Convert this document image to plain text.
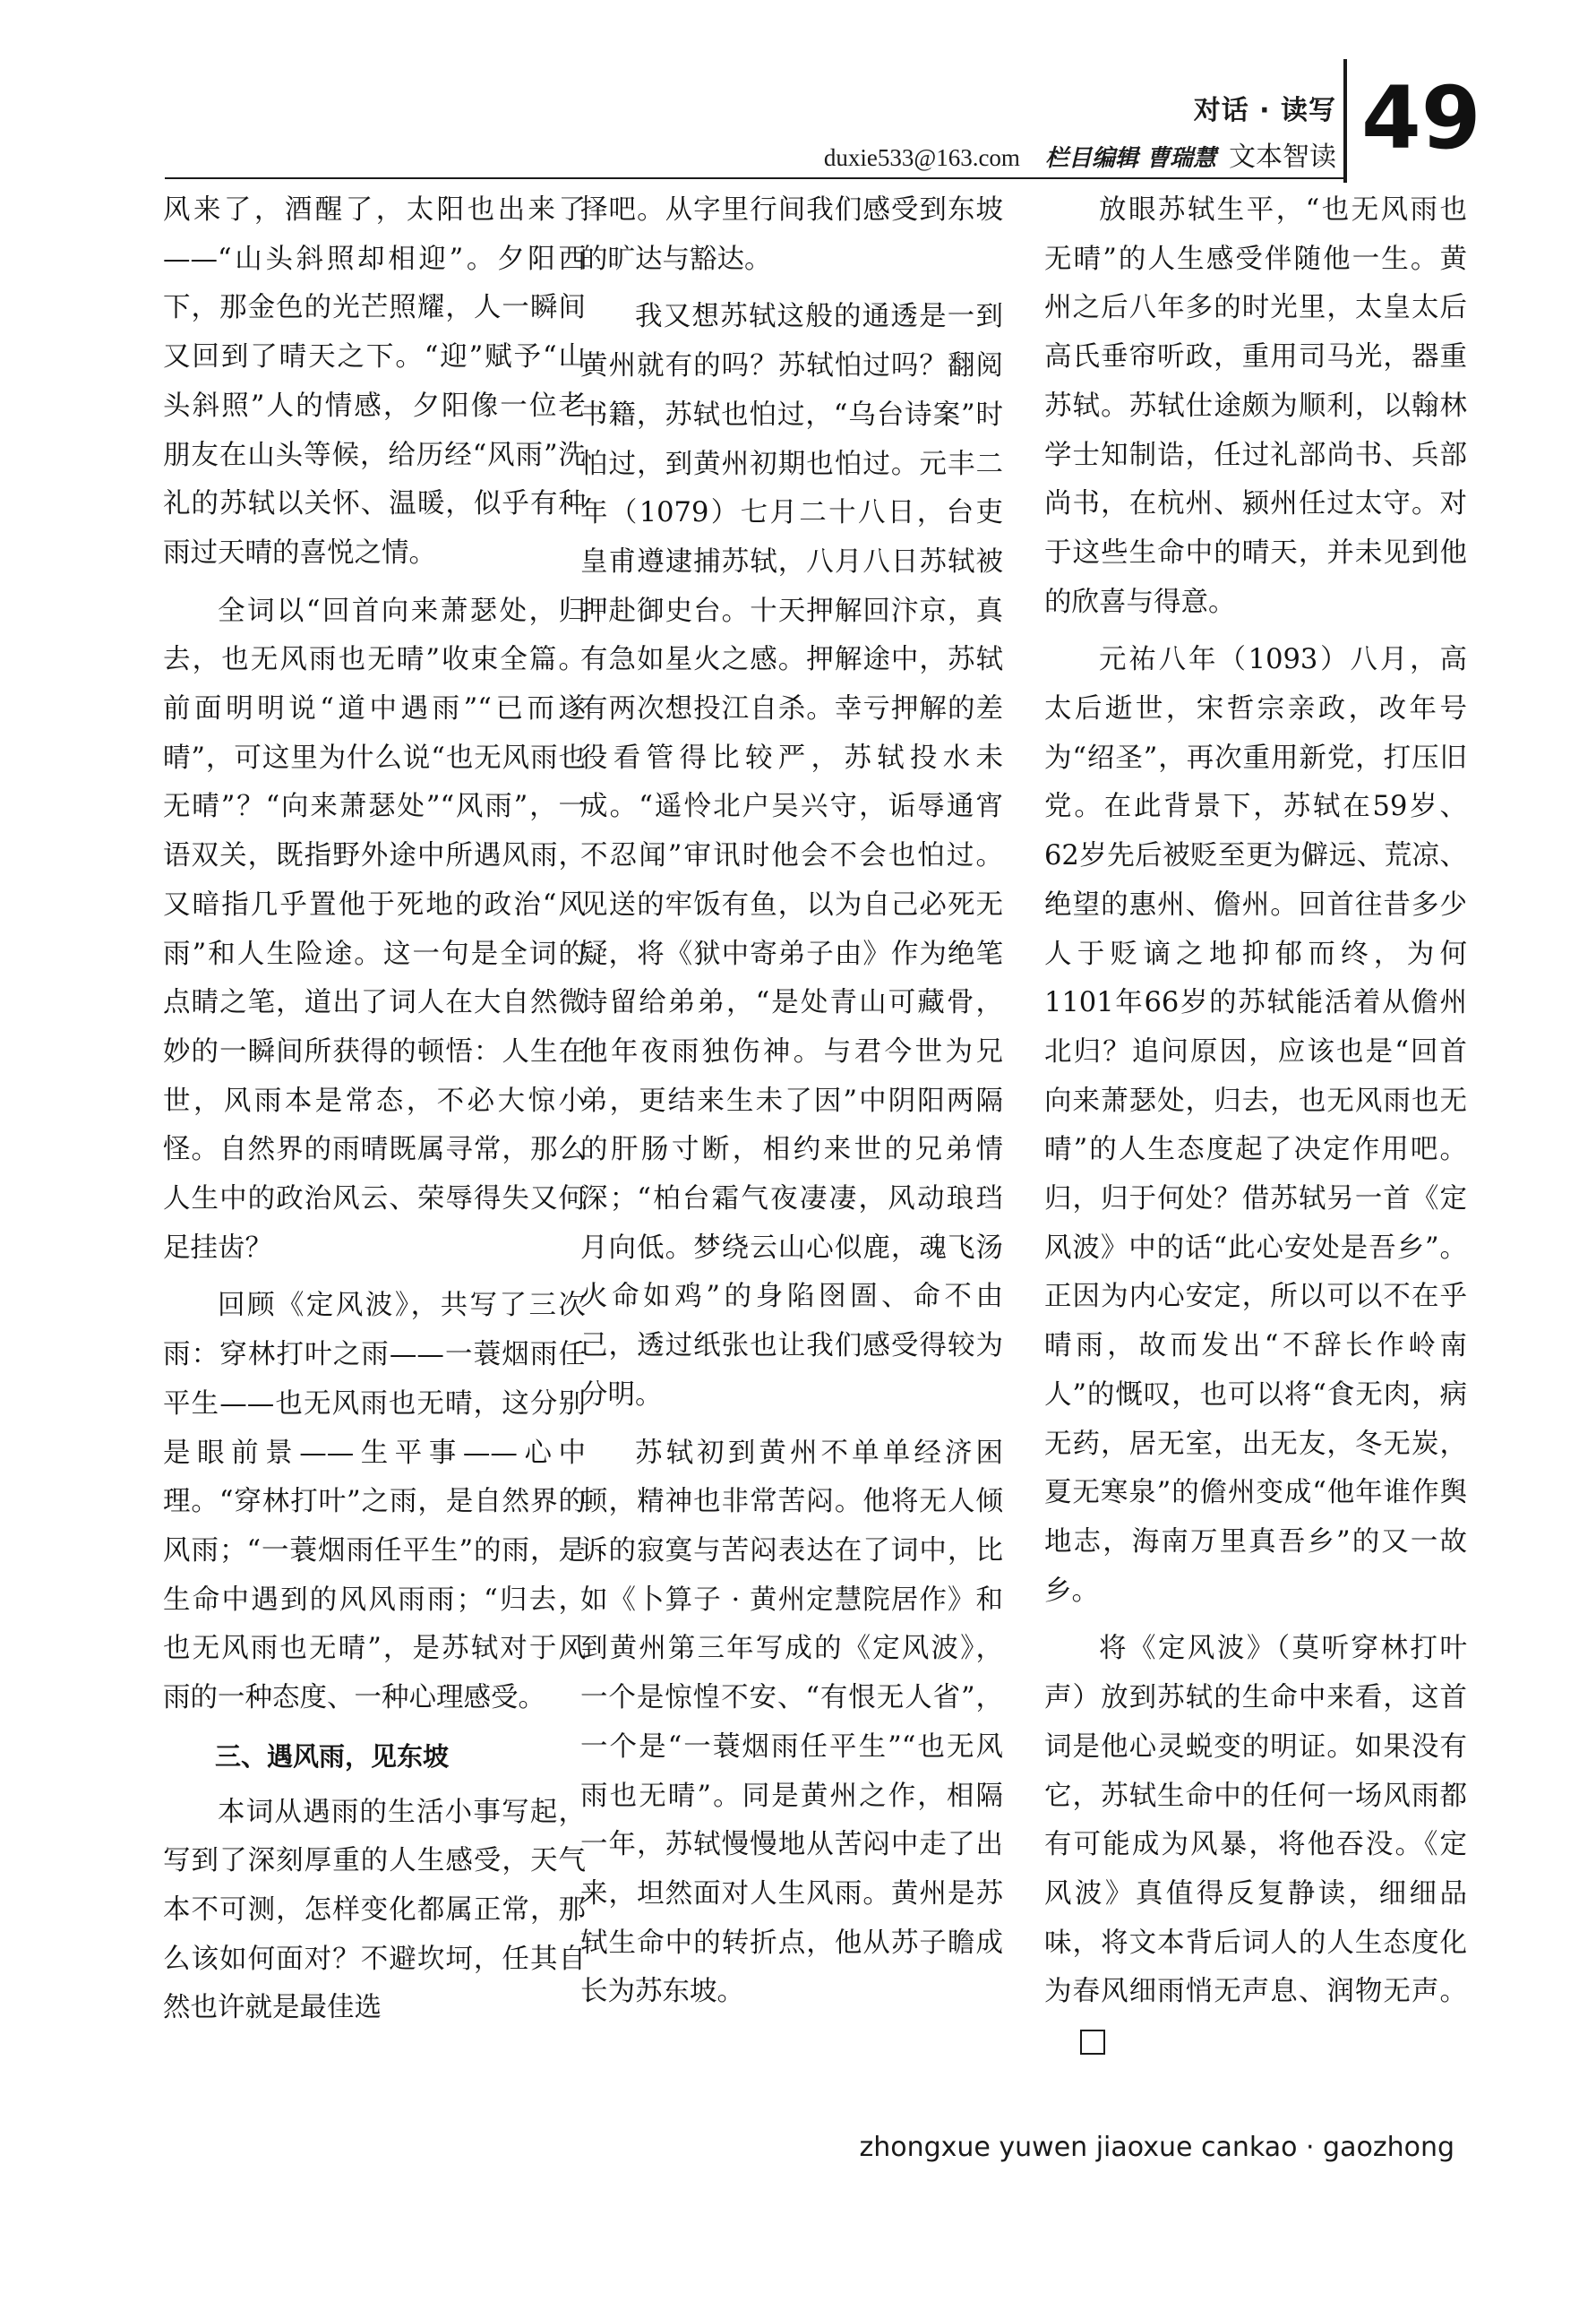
对话 · 读写
duxie533@163.com 栏目编辑 曹瑞慧 文本智读 49

风来了，酒醒了，太阳也出来了——“山头斜照却相迎”。夕阳西下，那金色的光芒照耀，人一瞬间又回到了晴天之下。“迎”赋予“山头斜照”人的情感，夕阳像一位老朋友在山头等候，给历经“风雨”洗礼的苏轼以关怀、温暖，似乎有种雨过天晴的喜悦之情。

全词以“回首向来萧瑟处，归去，也无风雨也无晴”收束全篇。前面明明说“道中遇雨”“已而遂晴”，可这里为什么说“也无风雨也无晴”？“向来萧瑟处”“风雨”，一语双关，既指野外途中所遇风雨，又暗指几乎置他于死地的政治“风雨”和人生险途。这一句是全词的点睛之笔，道出了词人在大自然微妙的一瞬间所获得的顿悟：人生在世，风雨本是常态，不必大惊小怪。自然界的雨晴既属寻常，那么人生中的政治风云、荣辱得失又何足挂齿？

回顾《定风波》，共写了三次雨：穿林打叶之雨——一蓑烟雨任平生——也无风雨也无晴，这分别是眼前景——生平事——心中理。“穿林打叶”之雨，是自然界的风雨；“一蓑烟雨任平生”的雨，是生命中遇到的风风雨雨；“归去，也无风雨也无晴”，是苏轼对于风雨的一种态度、一种心理感受。

三、遇风雨，见东坡

本词从遇雨的生活小事写起，写到了深刻厚重的人生感受，天气本不可测，怎样变化都属正常，那么该如何面对？不避坎坷，任其自然也许就是最佳选

择吧。从字里行间我们感受到东坡的旷达与豁达。

我又想苏轼这般的通透是一到黄州就有的吗？苏轼怕过吗？翻阅书籍，苏轼也怕过，“乌台诗案”时怕过，到黄州初期也怕过。元丰二年（1079）七月二十八日，台吏皇甫遵逮捕苏轼，八月八日苏轼被押赴御史台。十天押解回汴京，真有急如星火之感。押解途中，苏轼有两次想投江自杀。幸亏押解的差役看管得比较严，苏轼投水未成。“遥怜北户吴兴守，诟辱通宵不忍闻”审讯时他会不会也怕过。见送的牢饭有鱼，以为自己必死无疑，将《狱中寄弟子由》作为绝笔诗留给弟弟，“是处青山可藏骨，他年夜雨独伤神。与君今世为兄弟，更结来生未了因”中阴阳两隔的肝肠寸断，相约来世的兄弟情深；“柏台霜气夜凄凄，风动琅珰月向低。梦绕云山心似鹿，魂飞汤火命如鸡”的身陷囹圄、命不由己，透过纸张也让我们感受得较为分明。

苏轼初到黄州不单单经济困顿，精神也非常苦闷。他将无人倾诉的寂寞与苦闷表达在了词中，比如《卜算子 · 黄州定慧院居作》和到黄州第三年写成的《定风波》，一个是惊惶不安、“有恨无人省”，一个是“一蓑烟雨任平生”“也无风雨也无晴”。同是黄州之作，相隔一年，苏轼慢慢地从苦闷中走了出来，坦然面对人生风雨。黄州是苏轼生命中的转折点，他从苏子瞻成长为苏东坡。

放眼苏轼生平，“也无风雨也无晴”的人生感受伴随他一生。黄州之后八年多的时光里，太皇太后高氏垂帘听政，重用司马光，器重苏轼。苏轼仕途颇为顺利，以翰林学士知制诰，任过礼部尚书、兵部尚书，在杭州、颍州任过太守。对于这些生命中的晴天，并未见到他的欣喜与得意。

元祐八年（1093）八月，高太后逝世，宋哲宗亲政，改年号为“绍圣”，再次重用新党，打压旧党。在此背景下，苏轼在59岁、62岁先后被贬至更为僻远、荒凉、绝望的惠州、儋州。回首往昔多少人于贬谪之地抑郁而终，为何1101年66岁的苏轼能活着从儋州北归？追问原因，应该也是“回首向来萧瑟处，归去，也无风雨也无晴”的人生态度起了决定作用吧。归，归于何处？借苏轼另一首《定风波》中的话“此心安处是吾乡”。正因为内心安定，所以可以不在乎晴雨，故而发出“不辞长作岭南人”的慨叹，也可以将“食无肉，病无药，居无室，出无友，冬无炭，夏无寒泉”的儋州变成“他年谁作舆地志，海南万里真吾乡”的又一故乡。

将《定风波》（莫听穿林打叶声）放到苏轼的生命中来看，这首词是他心灵蜕变的明证。如果没有它，苏轼生命中的任何一场风雨都有可能成为风暴，将他吞没。《定风波》真值得反复静读，细细品味，将文本背后词人的人生态度化为春风细雨悄无声息、润物无声。

zhongxue yuwen jiaoxue cankao · gaozhong
